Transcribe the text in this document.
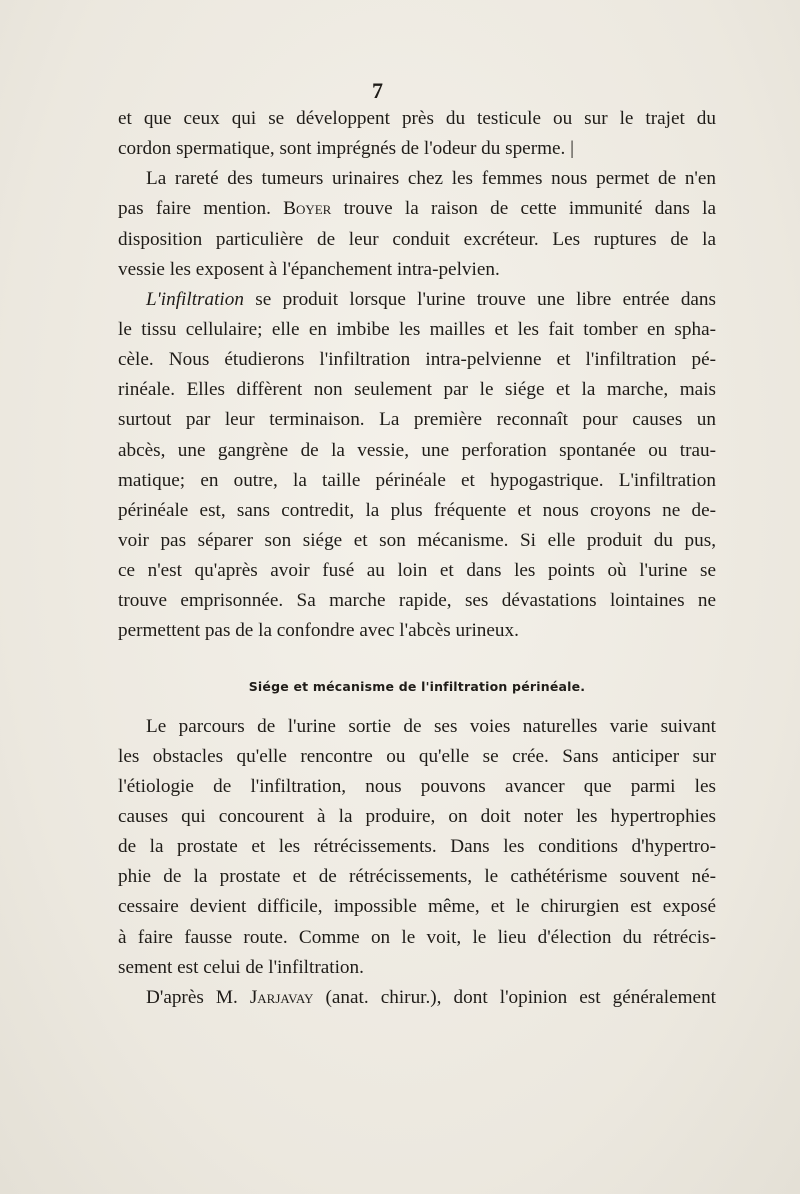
7
et que ceux qui se développent près du testicule ou sur le trajet du
cordon spermatique, sont imprégnés de l'odeur du sperme. |
La rareté des tumeurs urinaires chez les femmes nous permet de n'en
pas faire mention. Boyer trouve la raison de cette immunité dans la
disposition particulière de leur conduit excréteur. Les ruptures de la
vessie les exposent à l'épanchement intra-pelvien.
L'infiltration se produit lorsque l'urine trouve une libre entrée dans
le tissu cellulaire; elle en imbibe les mailles et les fait tomber en spha-
cèle. Nous étudierons l'infiltration intra-pelvienne et l'infiltration pé-
rinéale. Elles diffèrent non seulement par le siége et la marche, mais
surtout par leur terminaison. La première reconnaît pour causes un
abcès, une gangrène de la vessie, une perforation spontanée ou trau-
matique; en outre, la taille périnéale et hypogastrique. L'infiltration
périnéale est, sans contredit, la plus fréquente et nous croyons ne de-
voir pas séparer son siége et son mécanisme. Si elle produit du pus,
ce n'est qu'après avoir fusé au loin et dans les points où l'urine se
trouve emprisonnée. Sa marche rapide, ses dévastations lointaines ne
permettent pas de la confondre avec l'abcès urineux.
Siége et mécanisme de l'infiltration périnéale.
Le parcours de l'urine sortie de ses voies naturelles varie suivant
les obstacles qu'elle rencontre ou qu'elle se crée. Sans anticiper sur
l'étiologie de l'infiltration, nous pouvons avancer que parmi les
causes qui concourent à la produire, on doit noter les hypertrophies
de la prostate et les rétrécissements. Dans les conditions d'hypertro-
phie de la prostate et de rétrécissements, le cathétérisme souvent né-
cessaire devient difficile, impossible même, et le chirurgien est exposé
à faire fausse route. Comme on le voit, le lieu d'élection du rétrécis-
sement est celui de l'infiltration.
D'après M. Jarjavay (anat. chirur.), dont l'opinion est généralement
